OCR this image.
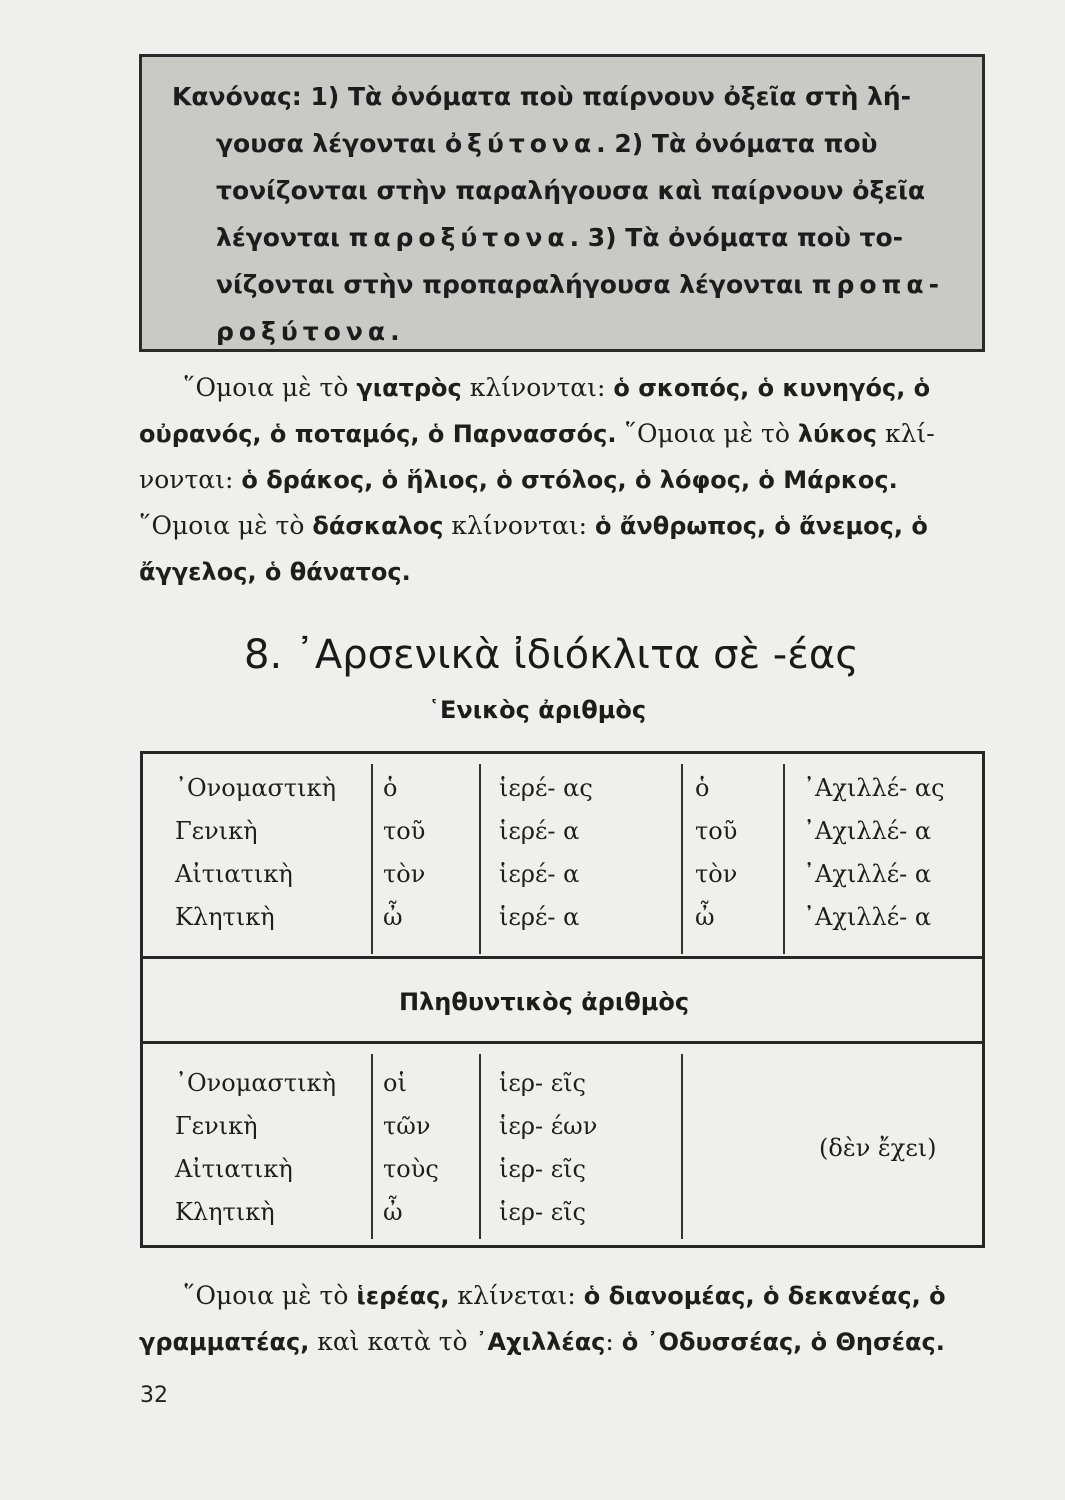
Κανόνας: 1) Τὰ ὀνόματα ποὺ παίρνουν ὀξεῖα στὴ λή-
γουσα λέγονται ὀξύτονα. 2) Τὰ ὀνόματα ποὺ
τονίζονται στὴν παραλήγουσα καὶ παίρνουν ὀξεῖα
λέγονται παροξύτονα. 3) Τὰ ὀνόματα ποὺ το-
νίζονται στὴν προπαραλήγουσα λέγονται προπα-
ροξύτονα.
῞Ομοια μὲ τὸ γιατρὸς κλίνονται: ὁ σκοπός, ὁ κυνηγός, ὁ
οὐρανός, ὁ ποταμός, ὁ Παρνασσός. ῞Ομοια μὲ τὸ λύκος κλί-
νονται: ὁ δράκος, ὁ ἥλιος, ὁ στόλος, ὁ λόφος, ὁ Μάρκος.
῞Ομοια μὲ τὸ δάσκαλος κλίνονται: ὁ ἄνθρωπος, ὁ ἄνεμος, ὁ
ἄγγελος, ὁ θάνατος.
8. ᾿Αρσενικὰ ἰδιόκλιτα σὲ -έας
῾Ενικὸς ἀριθμὸς
᾿Ονομαστικὴ ὁ	ἱερέ- ας	ὁ	᾿Αχιλλέ- ας
Γενικὴ	τοῦ	ἱερέ- α	τοῦ	᾿Αχιλλέ- α
Αἰτιατικὴ	τὸν	ἱερέ- α	τὸν	᾿Αχιλλέ- α
Κλητικὴ	ὦ	ἱερέ- α	ὦ	᾿Αχιλλέ- α
Πληθυντικὸς ἀριθμὸς
᾿Ονομαστικὴ οἱ	ἱερ- εῖς
Γενικὴ	τῶν	ἱερ- έων
Αἰτιατικὴ	τοὺς	ἱερ- εῖς
Κλητικὴ	ὦ	ἱερ- εῖς
(δὲν ἔχει)
῞Ομοια μὲ τὸ ἱερέας, κλίνεται: ὁ διανομέας, ὁ δεκανέας, ὁ
γραμματέας, καὶ κατὰ τὸ ᾿Αχιλλέας: ὁ ᾿Οδυσσέας, ὁ Θησέας.
32
